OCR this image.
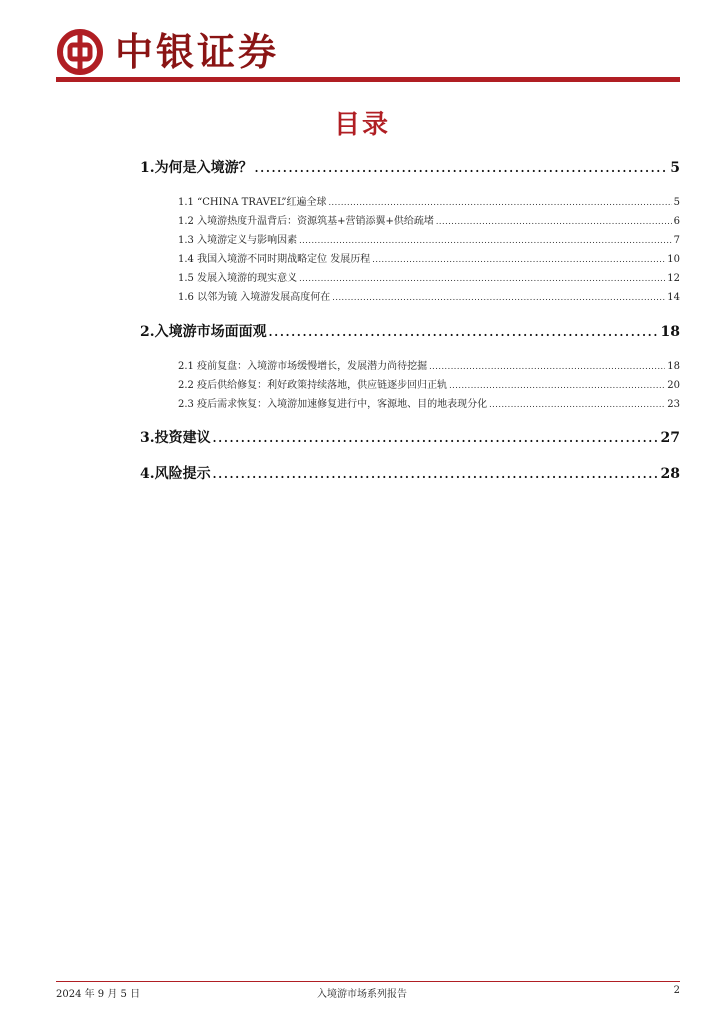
中银证券
目录
1.为何是入境游？ . . .	5
1.1 “CHINA TRAVEL”红遍全球 . . .	5
1.2 入境游热度升温背后：资源筑基+营销添翼+供给疏堵 . . .	6
1.3 入境游定义与影响因素 . . .	7
1.4 我国入境游不同时期战略定位 发展历程 . . .	10
1.5 发展入境游的现实意义 . . .	12
1.6 以邻为镜 入境游发展高度何在 . . .	14
2.入境游市场面面观 . . .	18
2.1 疫前复盘：入境游市场缓慢增长，发展潜力尚待挖掘 . . .	18
2.2 疫后供给修复：利好政策持续落地，供应链逐步回归正轨 . . .	20
2.3 疫后需求恢复：入境游加速修复进行中，客源地、目的地表现分化 . . .	23
3.投资建议 . . .	27
4.风险提示 . . .	28
2024 年 9 月 5 日	入境游市场系列报告	2
